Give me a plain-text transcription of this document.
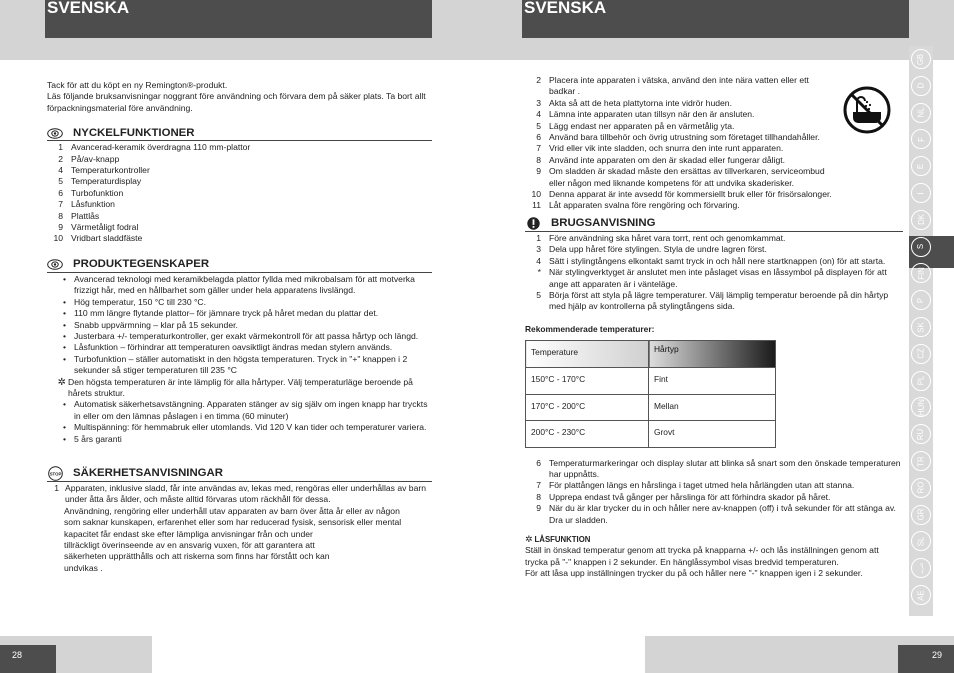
SVENSKA	SVENSKA
28	29
Tack för att du köpt en ny Remington®-produkt.
Läs följande bruksanvisningar noggrant före användning och förvara dem på säker plats. Ta bort allt förpackningsmaterial före användning.
NYCKELFUNKTIONER
1 Avancerad-keramik överdragna 110 mm-plattor
2 På/av-knapp
4 Temperaturkontroller
5 Temperaturdisplay
6 Turbofunktion
7 Låsfunktion
8 Plattlås
9 Värmetåligt fodral
10 Vridbart sladdfäste
PRODUKTEGENSKAPER
• Avancerad teknologi med keramikbelagda plattor fyllda med mikrobalsam för att motverka frizzigt hår, med en hållbarhet som gäller under hela apparatens livslängd.
• Hög temperatur, 150 °C till 230 °C.
• 110 mm längre flytande plattor– för jämnare tryck på håret medan du plattar det.
• Snabb uppvärmning – klar på 15 sekunder.
• Justerbara +/- temperaturkontroller, ger exakt värmekontroll för att passa hårtyp och längd.
• Låsfunktion – förhindrar att temperaturen oavsiktligt ändras medan stylern används.
• Turbofunktion – ställer automatiskt in den högsta temperaturen. Tryck in "+" knappen i 2 sekunder så stiger temperaturen till 235 °C
✲ Den högsta temperaturen är inte lämplig för alla hårtyper. Välj temperaturläge beroende på hårets struktur.
• Automatisk säkerhetsavstängning. Apparaten stänger av sig själv om ingen knapp har tryckts in eller om den lämnas påslagen i en timma (60 minuter)
• Multispänning: för hemmabruk eller utomlands. Vid 120 V kan tider och temperaturer variera.
• 5 års garanti
STOP SÄKERHETSANVISNINGAR
1 Apparaten, inklusive sladd, får inte användas av, lekas med, rengöras eller underhållas av barn under åtta års ålder, och måste alltid förvaras utom räckhåll för dessa.
Användning, rengöring eller underhåll utav apparaten av barn över åtta år eller av någon
som saknar kunskapen, erfarenhet eller som har reducerad fysisk, sensorisk eller mental
kapacitet får endast ske efter lämpliga anvisningar från och under
tillräckligt överinseende av en ansvarig vuxen, för att garantera att
säkerheten upprätthålls och att riskerna som finns har förstått och kan
undvikas .
2 Placera inte apparaten i vätska, använd den inte nära vatten eller ett badkar .
3 Akta så att de heta plattytorna inte vidrör huden.
4 Lämna inte apparaten utan tillsyn när den är ansluten.
5 Lägg endast ner apparaten på en värmetålig yta.
6 Använd bara tillbehör och övrig utrustning som företaget tillhandahåller.
7 Vrid eller vik inte sladden, och snurra den inte runt apparaten.
8 Använd inte apparaten om den är skadad eller fungerar dåligt.
9 Om sladden är skadad måste den ersättas av tillverkaren, serviceombud eller någon med liknande kompetens för att undvika skaderisker.
10 Denna apparat är inte avsedd för kommersiellt bruk eller för frisörsalonger.
11 Låt apparaten svalna före rengöring och förvaring.
BRUGSANVISNING
1 Före användning ska håret vara torrt, rent och genomkammat.
3 Dela upp håret före stylingen. Styla de undre lagren först.
4 Sätt i stylingtångens elkontakt samt tryck in och håll nere startknappen (on) för att starta.
* När stylingverktyget är anslutet men inte påslaget visas en låssymbol på displayen för att ange att apparaten är i vänteläge.
5 Börja först att styla på lägre temperaturer. Välj lämplig temperatur beroende på din hårtyp med hjälp av kontrollerna på stylingtångens sida.
Rekommenderade temperaturer:
Temperature	Hårtyp
150°C - 170°C	Fint
170°C - 200°C	Mellan
200°C - 230°C	Grovt
6 Temperaturmarkeringar och display slutar att blinka så snart som den önskade temperaturen har uppnåtts.
7 För plattången längs en hårslinga i taget utmed hela hårlängden utan att stanna.
8 Upprepa endast två gånger per hårslinga för att förhindra skador på håret.
9 När du är klar trycker du in och håller nere av-knappen (off) i två sekunder för att stänga av. Dra ur sladden.
✲ LÅSFUNKTION
Ställ in önskad temperatur genom att trycka på knapparna +/- och lås inställningen genom att trycka på "-" knappen i 2 sekunder. En hänglåssymbol visas bredvid temperaturen.
För att låsa upp inställningen trycker du på och håller nere "-" knappen igen i 2 sekunder.
GB
D
NL
F
E
I
DK
S
FIN
P
SK
CZ
PL
HUN
RU
TR
RO
GR
SL
العربية
AE
